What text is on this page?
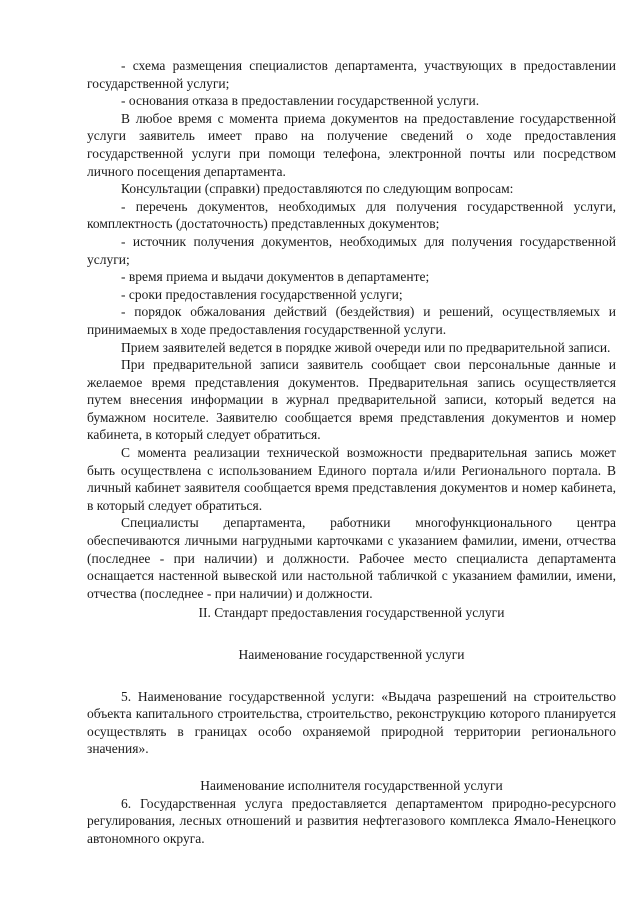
- схема размещения специалистов департамента, участвующих в предоставлении государственной услуги;

- основания отказа в предоставлении государственной услуги.

В любое время с момента приема документов на предоставление государственной услуги заявитель имеет право на получение сведений о ходе предоставления государственной услуги при помощи телефона, электронной почты или посредством личного посещения департамента.

Консультации (справки) предоставляются по следующим вопросам:

- перечень документов, необходимых для получения государственной услуги, комплектность (достаточность) представленных документов;

- источник получения документов, необходимых для получения государственной услуги;

- время приема и выдачи документов в департаменте;

- сроки предоставления государственной услуги;

- порядок обжалования действий (бездействия) и решений, осуществляемых и принимаемых в ходе предоставления государственной услуги.

Прием заявителей ведется в порядке живой очереди или по предварительной записи.

При предварительной записи заявитель сообщает свои персональные данные и желаемое время представления документов. Предварительная запись осуществляется путем внесения информации в журнал предварительной записи, который ведется на бумажном носителе. Заявителю сообщается время представления документов и номер кабинета, в который следует обратиться.

С момента реализации технической возможности предварительная запись может быть осуществлена с использованием Единого портала и/или Регионального портала. В личный кабинет заявителя сообщается время представления документов и номер кабинета, в который следует обратиться.

Специалисты департамента, работники многофункционального центра обеспечиваются личными нагрудными карточками с указанием фамилии, имени, отчества (последнее - при наличии) и должности. Рабочее место специалиста департамента оснащается настенной вывеской или настольной табличкой с указанием фамилии, имени, отчества (последнее - при наличии) и должности.

II. Стандарт предоставления государственной услуги

Наименование государственной услуги

5. Наименование государственной услуги: «Выдача разрешений на строительство объекта капитального строительства, строительство, реконструкцию которого планируется осуществлять в границах особо охраняемой природной территории регионального значения».

Наименование исполнителя государственной услуги

6. Государственная услуга предоставляется департаментом природно-ресурсного регулирования, лесных отношений и развития нефтегазового комплекса Ямало-Ненецкого автономного округа.
